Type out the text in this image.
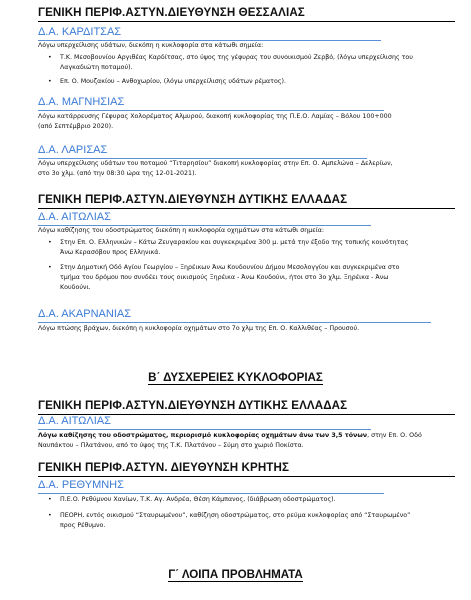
ΓΕΝΙΚΗ ΠΕΡΙΦ.ΑΣΤΥΝ.ΔΙΕΥΘΥΝΣΗ ΘΕΣΣΑΛΙΑΣ
Δ.Α. ΚΑΡΔΙΤΣΑΣ
Λόγω υπερχείλισης υδάτων, διεκόπη η κυκλοφορία στα κάτωθι σημεία:
•	Τ.Κ. Μεσοβουνίου Αργιθέας Καρδίτσας, στο ύψος της γέφυρας του συνοικισμού Ζερβό, (λόγω υπερχείλισης του
Λαγκαδιώτη ποταμού).
•	Επ. Ο. Μουζακίου – Ανθοχωρίου, (λόγω υπερχείλισης υδάτων ρέματος).
Δ.Α. ΜΑΓΝΗΣΙΑΣ
Λόγω κατάρρευσης Γέφυρας Χολορέματος Αλμυρού, διακοπή κυκλοφορίας της Π.Ε.Ο. Λαμίας – Βόλου 100+000
(από Σεπτέμβριο 2020).
Δ.Α. ΛΑΡΙΣΑΣ
Λόγω υπερχείλισης υδάτων του ποταμού “Τιταρησίου” διακοπή κυκλοφορίας στην Επ. Ο. Αμπελώνα – Δελερίων,
στο 3ο χλμ. (από την 08:30 ώρα της 12-01-2021).
ΓΕΝΙΚΗ ΠΕΡΙΦ.ΑΣΤΥΝ.ΔΙΕΥΘΥΝΣΗ ΔΥΤΙΚΗΣ ΕΛΛΑΔΑΣ
Δ.Α. ΑΙΤΩΛΙΑΣ
Λόγω καθίζησης του οδοστρώματος διεκόπη η κυκλοφορία οχημάτων στα κάτωθι σημεία:
•	Στην Επ. Ο. Ελληνικών – Κάτω Ζευγαρακίου και συγκεκριμένα 300 μ. μετά την έξοδο της τοπικής κοινότητας
Άνω Κερασόβου προς Ελληνικά.
•	Στην Δημοτική Οδό Αγίου Γεωργίου – Ξηρέικων Άνω Κουδουνίου Δήμου Μεσολογγίου και συγκεκριμένα στο
τμήμα του δρόμου που συνδέει τους οικισμούς Ξηρέικα - Άνω Κουδούνι, ήτοι στο 3ο χλμ. Ξηρέικα - Άνω
Κουδούνι.
Δ.Α. ΑΚΑΡΝΑΝΙΑΣ
Λόγω πτώσης βράχων, διεκόπη η κυκλοφορία οχημάτων στο 7ο χλμ της Επ. Ο. Καλλιθέας – Προυσού.
Β΄ ΔΥΣΧΕΡΕΙΕΣ ΚΥΚΛΟΦΟΡΙΑΣ
ΓΕΝΙΚΗ ΠΕΡΙΦ.ΑΣΤΥΝ.ΔΙΕΥΘΥΝΣΗ ΔΥΤΙΚΗΣ ΕΛΛΑΔΑΣ
Δ.Α. ΑΙΤΩΛΙΑΣ
Λόγω καθίζησης του οδοστρώματος, περιορισμό κυκλοφορίας οχημάτων άνω των 3,5 τόνων, στην Επ. Ο. Οδό
Ναυπάκτου – Πλατάνου, από το ύψος της Τ.Κ. Πλατάνου – Σύμη στο χωριό Ποκίστα.
ΓΕΝΙΚΗ ΠΕΡΙΦ.ΑΣΤΥΝ. ΔΙΕΥΘΥΝΣΗ ΚΡΗΤΗΣ
Δ.Α. ΡΕΘΥΜΝΗΣ
•	Π.Ε.Ο. Ρεθύμνου Χανίων, Τ.Κ. Αγ. Ανδρέα, Θέση Κάμπανος, (διάβρωση οδοστρώματος).
•	ΠΕΟΡΗ, εντός οικισμού “Σταυρωμένου”, καθίζηση οδοστρώματος, στο ρεύμα κυκλοφορίας από “Σταυρωμένο”
προς Ρέθυμνο.
Γ΄ ΛΟΙΠΑ ΠΡΟΒΛΗΜΑΤΑ
